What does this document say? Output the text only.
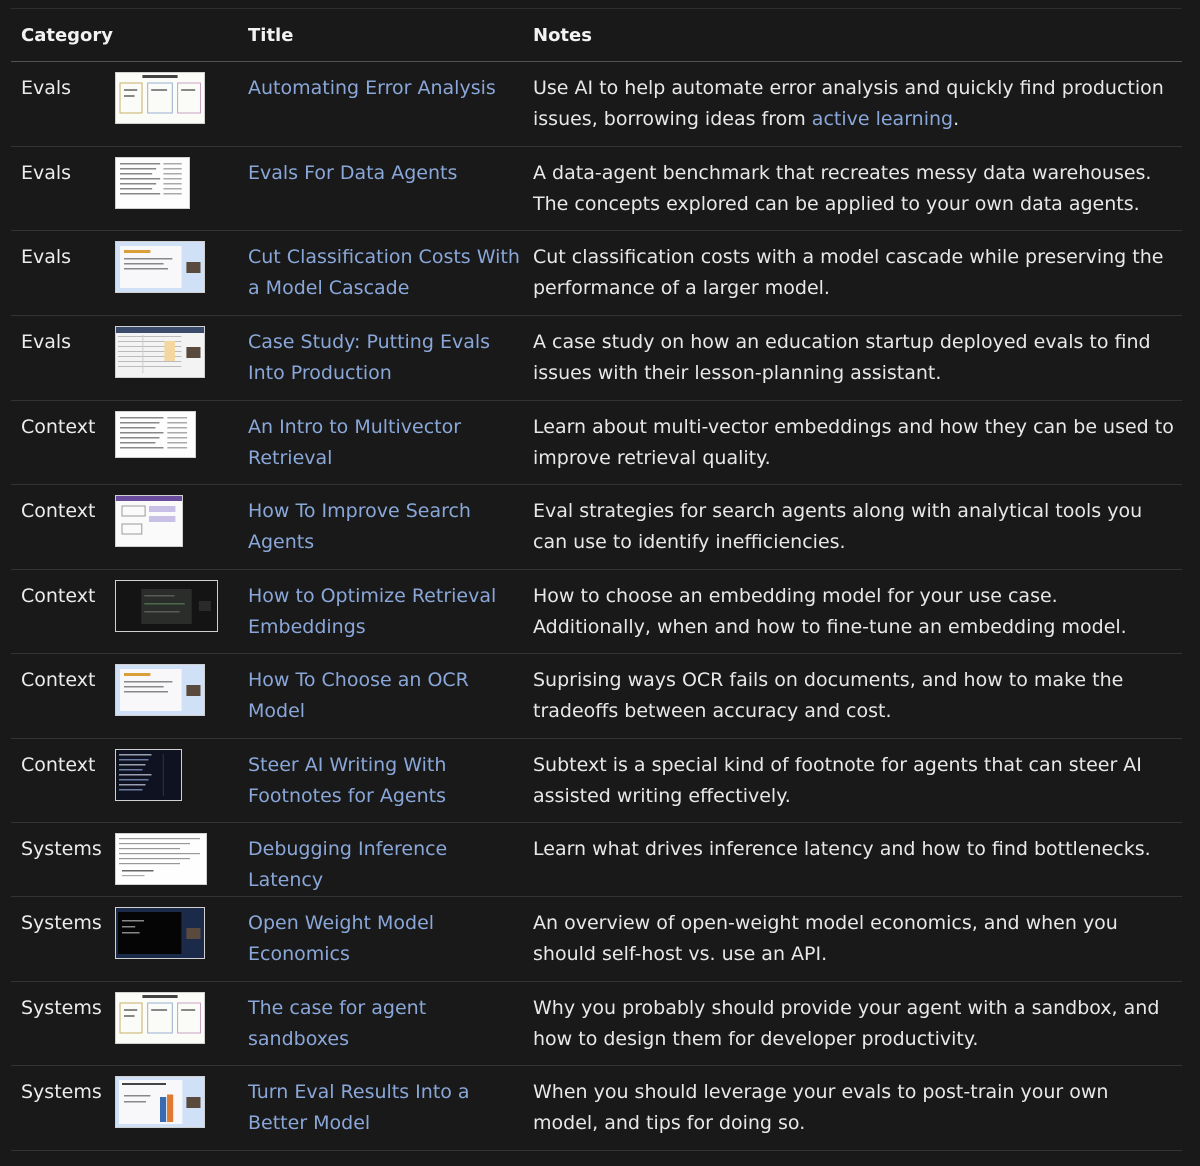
Category		Title	Notes
Evals		Automating Error Analysis	Use AI to help automate error analysis and quickly find production issues, borrowing ideas from active learning.
Evals		Evals For Data Agents	A data-agent benchmark that recreates messy data warehouses. The concepts explored can be applied to your own data agents.
Evals		Cut Classification Costs With a Model Cascade	Cut classification costs with a model cascade while preserving the performance of a larger model.
Evals		Case Study: Putting Evals Into Production	A case study on how an education startup deployed evals to find issues with their lesson-planning assistant.
Context		An Intro to Multivector Retrieval	Learn about multi-vector embeddings and how they can be used to improve retrieval quality.
Context		How To Improve Search Agents	Eval strategies for search agents along with analytical tools you can use to identify inefficiencies.
Context		How to Optimize Retrieval Embeddings	How to choose an embedding model for your use case. Additionally, when and how to fine-tune an embedding model.
Context		How To Choose an OCR Model	Suprising ways OCR fails on documents, and how to make the tradeoffs between accuracy and cost.
Context		Steer AI Writing With Footnotes for Agents	Subtext is a special kind of footnote for agents that can steer AI assisted writing effectively.
Systems		Debugging Inference Latency	Learn what drives inference latency and how to find bottlenecks.
Systems		Open Weight Model Economics	An overview of open-weight model economics, and when you should self-host vs. use an API.
Systems		The case for agent sandboxes	Why you probably should provide your agent with a sandbox, and how to design them for developer productivity.
Systems		Turn Eval Results Into a Better Model	When you should leverage your evals to post-train your own model, and tips for doing so.
